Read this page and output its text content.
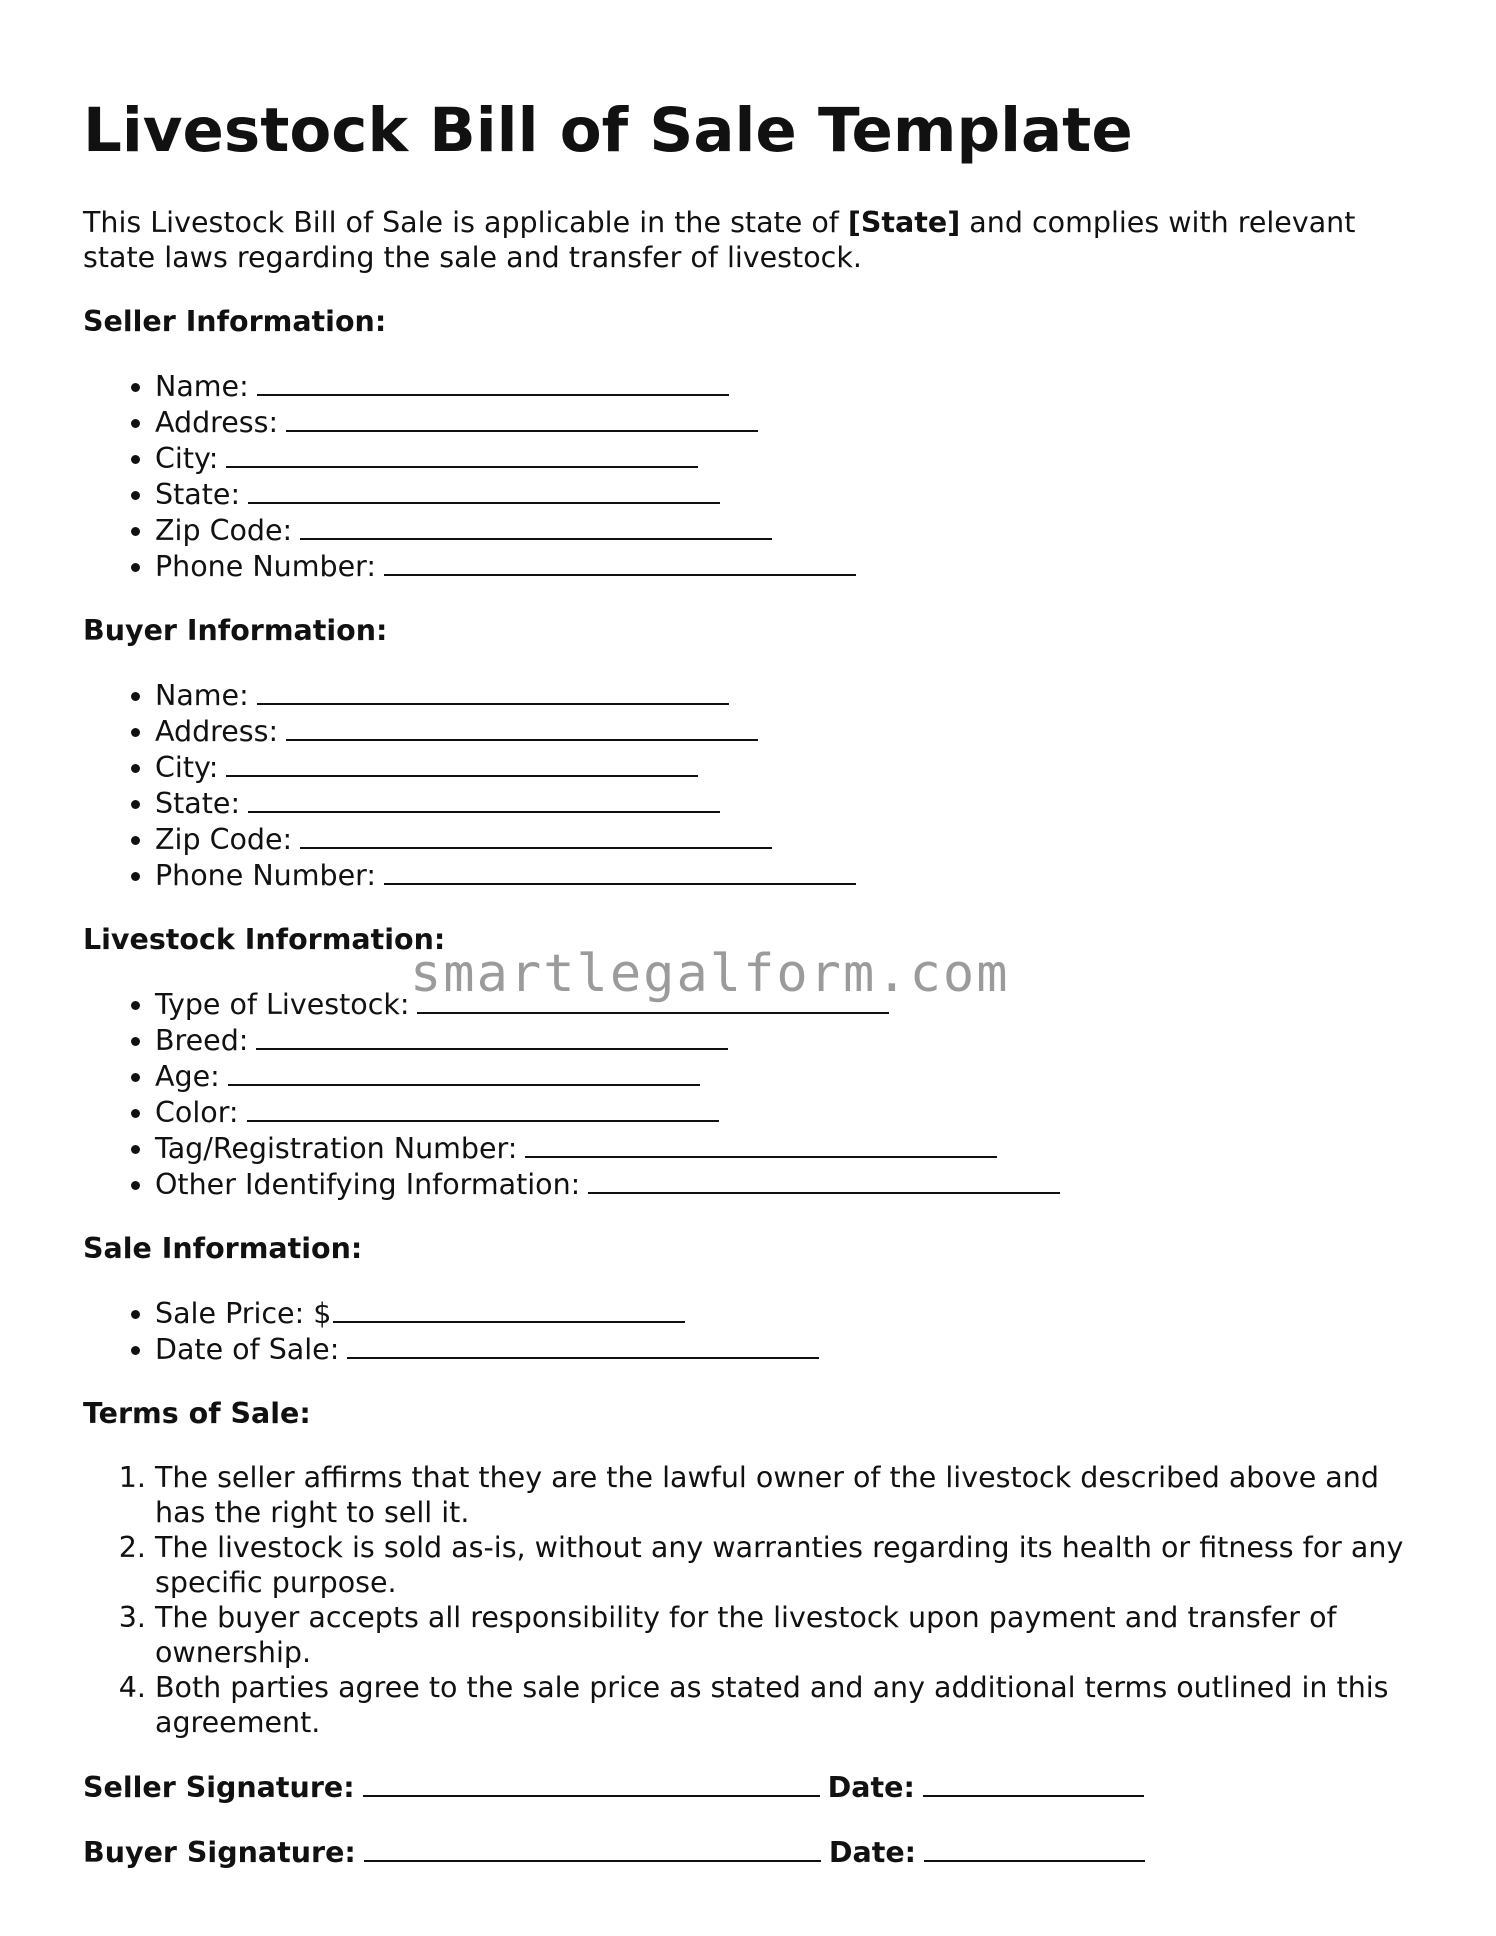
Livestock Bill of Sale Template

This Livestock Bill of Sale is applicable in the state of [State] and complies with relevant state laws regarding the sale and transfer of livestock.

Seller Information:
• Name:
• Address:
• City:
• State:
• Zip Code:
• Phone Number:
Buyer Information:
• Name:
• Address:
• City:
• State:
• Zip Code:
• Phone Number:
Livestock Information:
• Type of Livestock:
• Breed:
• Age:
• Color:
• Tag/Registration Number:
• Other Identifying Information:
Sale Information:
• Sale Price: $
• Date of Sale:
Terms of Sale:
1. The seller affirms that they are the lawful owner of the livestock described above and has the right to sell it.
2. The livestock is sold as-is, without any warranties regarding its health or fitness for any specific purpose.
3. The buyer accepts all responsibility for the livestock upon payment and transfer of ownership.
4. Both parties agree to the sale price as stated and any additional terms outlined in this agreement.
Seller Signature:	Date:
Buyer Signature:	Date:
smartlegalform.com
